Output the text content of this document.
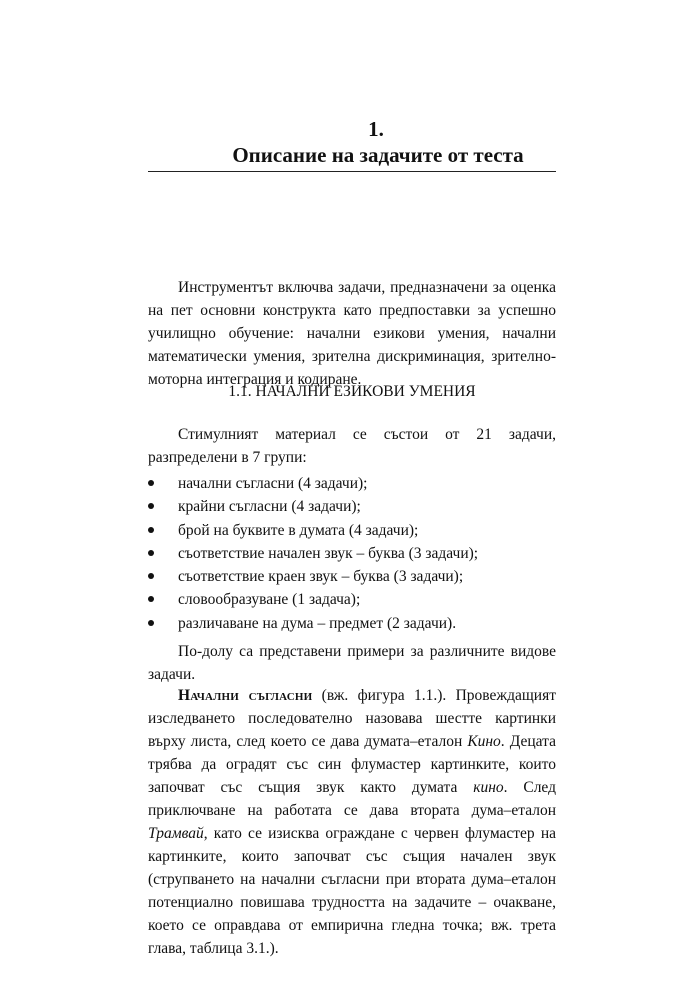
1.
Описание на задачите от теста

Инструментът включва задачи, предназначени за оценка на пет основни конструкта като предпоставки за успешно училищно обучение: начални езикови умения, начални математически умения, зрителна дискриминация, зрително-моторна интеграция и кодиране.

1.1. НАЧАЛНИ ЕЗИКОВИ УМЕНИЯ

Стимулният материал се състои от 21 задачи, разпределени в 7 групи:

начални съгласни (4 задачи);
крайни съгласни (4 задачи);
брой на буквите в думата (4 задачи);
съответствие начален звук – буква (3 задачи);
съответствие краен звук – буква (3 задачи);
словообразуване (1 задача);
различаване на дума – предмет (2 задачи).

По-долу са представени примери за различните видове задачи.

Начални съгласни (вж. фигура 1.1.). Провеждащият изследването последователно назовава шестте картинки върху листа, след което се дава думата–еталон Кино. Децата трябва да оградят със син флумастер картинките, които започват със същия звук както думата кино. След приключване на работата се дава втората дума–еталон Трамвай, като се изисква ограждане с червен флумастер на картинките, които започват със същия начален звук (струпването на начални съгласни при втората дума–еталон потенциално повишава трудността на задачите – очакване, което се оправдава от емпирична гледна точка; вж. трета глава, таблица 3.1.).
